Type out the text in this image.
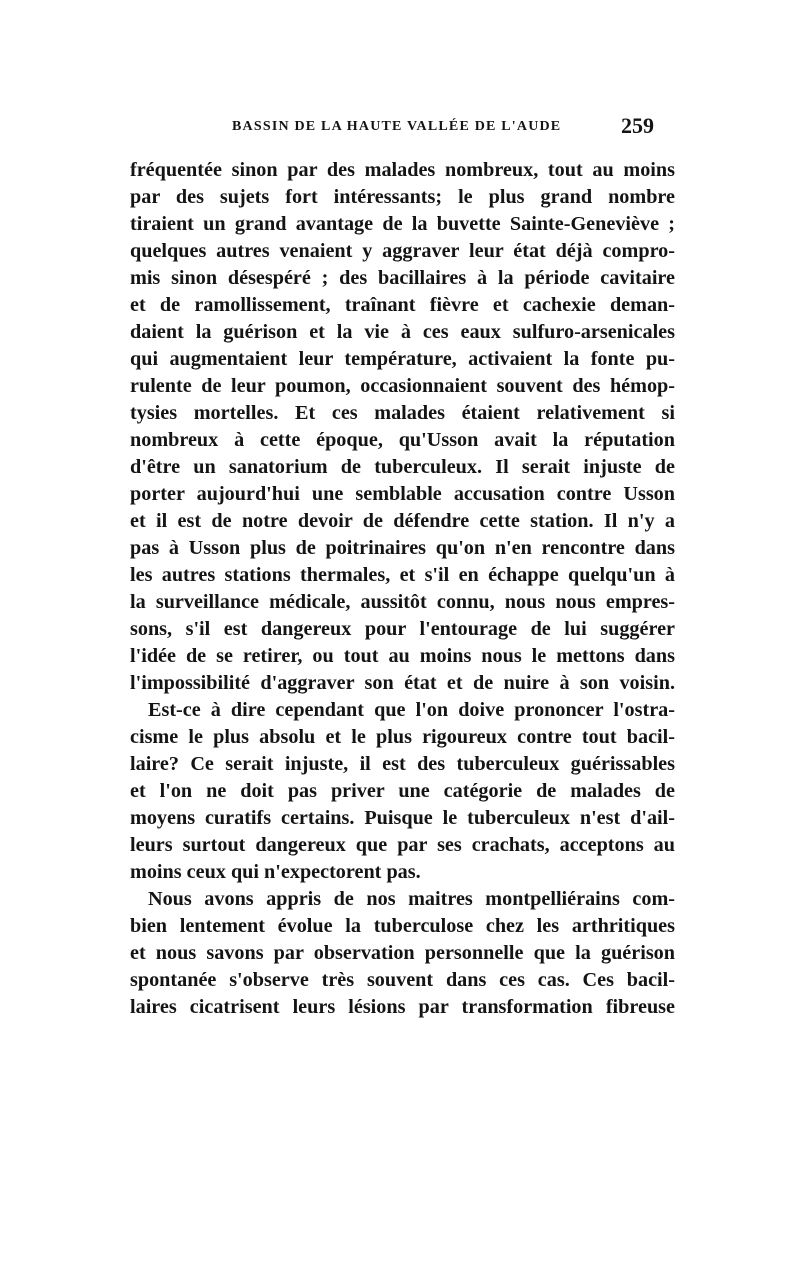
BASSIN DE LA HAUTE VALLÉE DE L'AUDE	259
fréquentée sinon par des malades nombreux, tout au moins
par des sujets fort intéressants; le plus grand nombre
tiraient un grand avantage de la buvette Sainte-Geneviève ;
quelques autres venaient y aggraver leur état déjà compro-
mis sinon désespéré ; des bacillaires à la période cavitaire
et de ramollissement, traînant fièvre et cachexie deman-
daient la guérison et la vie à ces eaux sulfuro-arsenicales
qui augmentaient leur température, activaient la fonte pu-
rulente de leur poumon, occasionnaient souvent des hémop-
tysies mortelles. Et ces malades étaient relativement si
nombreux à cette époque, qu'Usson avait la réputation
d'être un sanatorium de tuberculeux. Il serait injuste de
porter aujourd'hui une semblable accusation contre Usson
et il est de notre devoir de défendre cette station. Il n'y a
pas à Usson plus de poitrinaires qu'on n'en rencontre dans
les autres stations thermales, et s'il en échappe quelqu'un à
la surveillance médicale, aussitôt connu, nous nous empres-
sons, s'il est dangereux pour l'entourage de lui suggérer
l'idée de se retirer, ou tout au moins nous le mettons dans
l'impossibilité d'aggraver son état et de nuire à son voisin.
Est-ce à dire cependant que l'on doive prononcer l'ostra-
cisme le plus absolu et le plus rigoureux contre tout bacil-
laire? Ce serait injuste, il est des tuberculeux guérissables
et l'on ne doit pas priver une catégorie de malades de
moyens curatifs certains. Puisque le tuberculeux n'est d'ail-
leurs surtout dangereux que par ses crachats, acceptons au
moins ceux qui n'expectorent pas.
Nous avons appris de nos maitres montpelliérains com-
bien lentement évolue la tuberculose chez les arthritiques
et nous savons par observation personnelle que la guérison
spontanée s'observe très souvent dans ces cas. Ces bacil-
laires cicatrisent leurs lésions par transformation fibreuse
